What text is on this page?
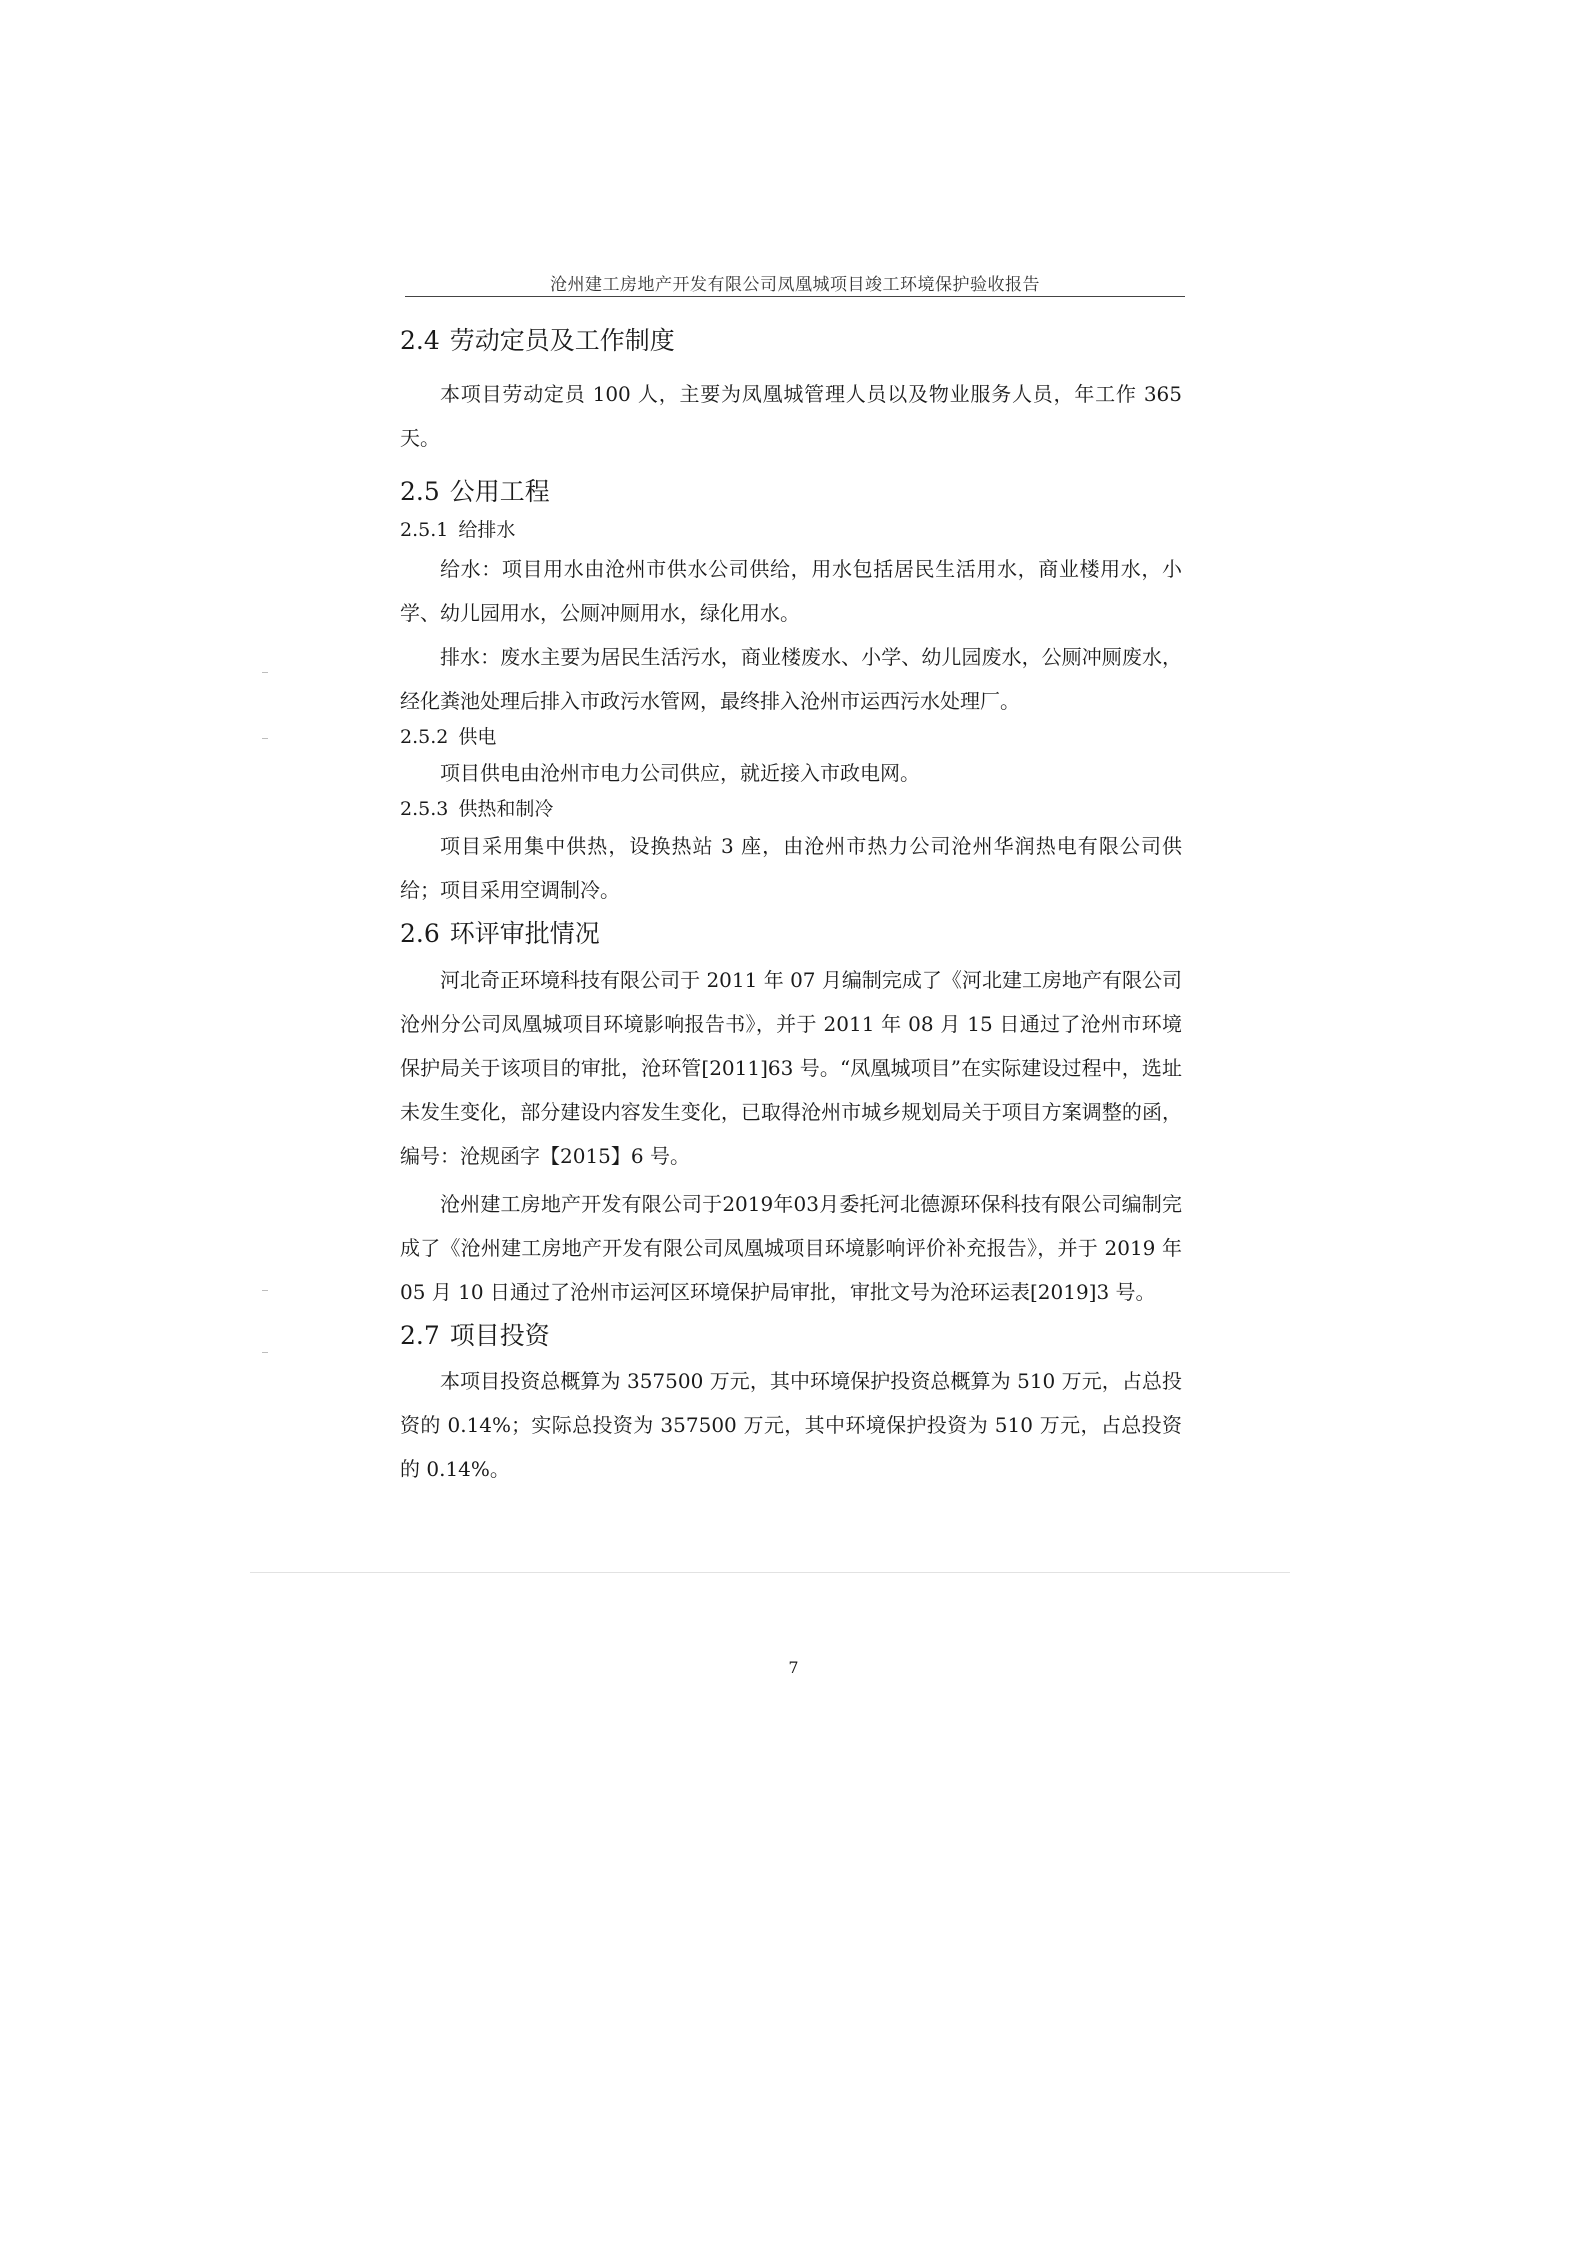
沧州建工房地产开发有限公司凤凰城项目竣工环境保护验收报告
2.4 劳动定员及工作制度

本项目劳动定员 100 人，主要为凤凰城管理人员以及物业服务人员，年工作 365 天。

2.5 公用工程
2.5.1 给排水

给水：项目用水由沧州市供水公司供给，用水包括居民生活用水，商业楼用水，小学、幼儿园用水，公厕冲厕用水，绿化用水。

排水：废水主要为居民生活污水，商业楼废水、小学、幼儿园废水，公厕冲厕废水，经化粪池处理后排入市政污水管网，最终排入沧州市运西污水处理厂。

2.5.2 供电

项目供电由沧州市电力公司供应，就近接入市政电网。

2.5.3 供热和制冷

项目采用集中供热，设换热站 3 座，由沧州市热力公司沧州华润热电有限公司供给；项目采用空调制冷。

2.6 环评审批情况

河北奇正环境科技有限公司于 2011 年 07 月编制完成了《河北建工房地产有限公司沧州分公司凤凰城项目环境影响报告书》，并于 2011 年 08 月 15 日通过了沧州市环境保护局关于该项目的审批，沧环管[2011]63 号。“凤凰城项目”在实际建设过程中，选址未发生变化，部分建设内容发生变化，已取得沧州市城乡规划局关于项目方案调整的函，编号：沧规函字【2015】6 号。

沧州建工房地产开发有限公司于2019年03月委托河北德源环保科技有限公司编制完成了《沧州建工房地产开发有限公司凤凰城项目环境影响评价补充报告》，并于 2019 年 05 月 10 日通过了沧州市运河区环境保护局审批，审批文号为沧环运表[2019]3 号。

2.7 项目投资

本项目投资总概算为 357500 万元，其中环境保护投资总概算为 510 万元，占总投资的 0.14%；实际总投资为 357500 万元，其中环境保护投资为 510 万元，占总投资的 0.14%。

7
